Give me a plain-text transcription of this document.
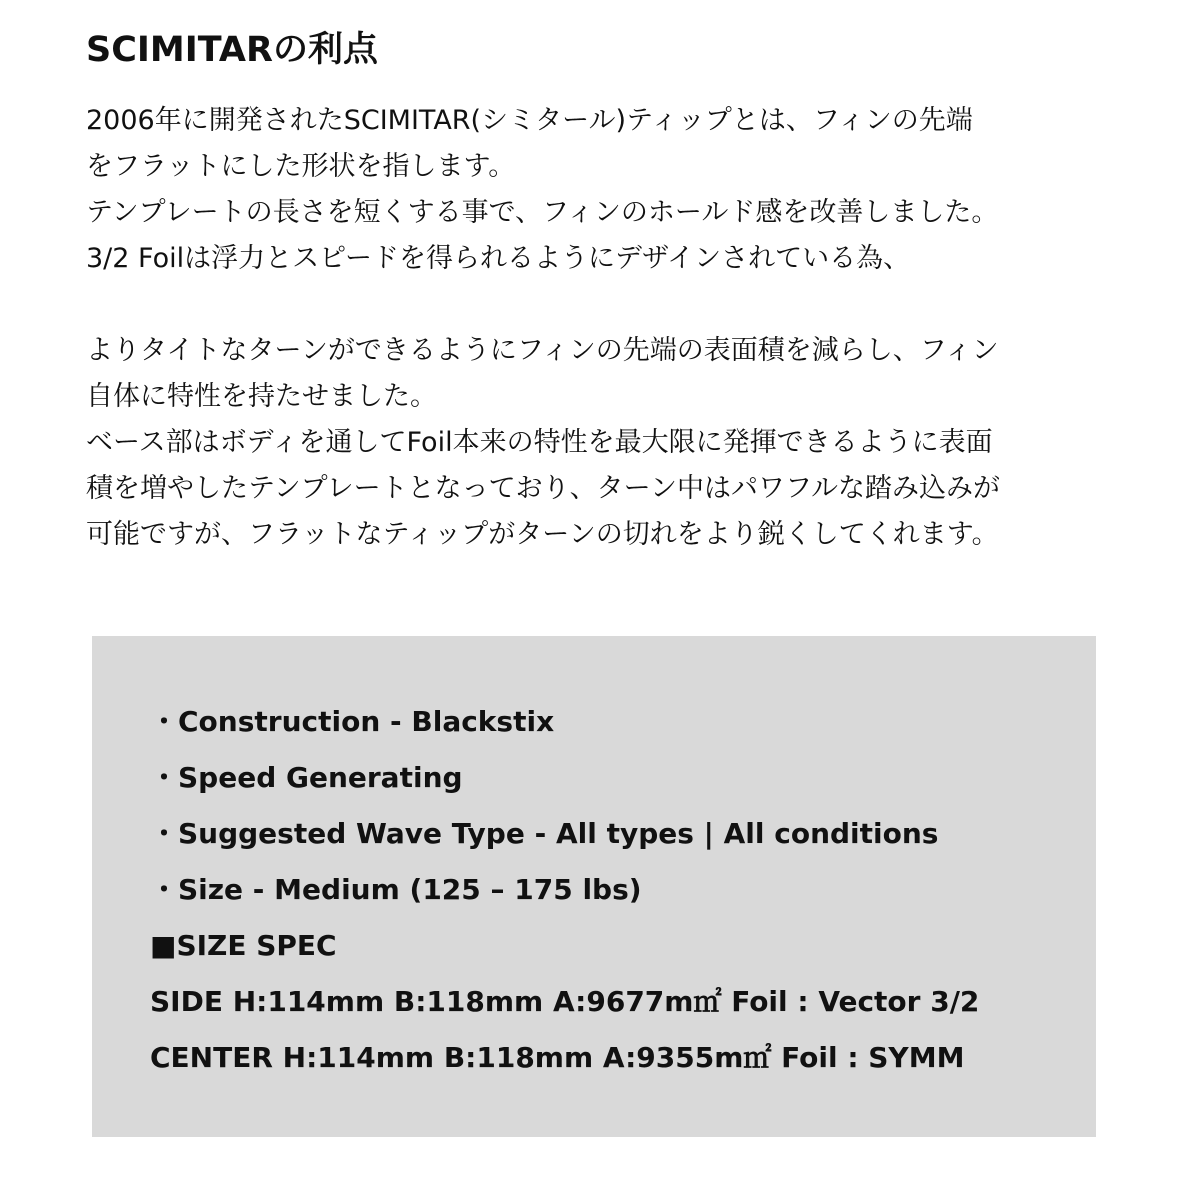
SCIMITARの利点
2006年に開発されたSCIMITAR(シミタール)ティップとは、フィンの先端
をフラットにした形状を指します。
テンプレートの長さを短くする事で、フィンのホールド感を改善しました。
3/2 Foilは浮力とスピードを得られるようにデザインされている為、
よりタイトなターンができるようにフィンの先端の表面積を減らし、フィン
自体に特性を持たせました。
ベース部はボディを通してFoil本来の特性を最大限に発揮できるように表面
積を増やしたテンプレートとなっており、ターン中はパワフルな踏み込みが
可能ですが、フラットなティップがターンの切れをより鋭くしてくれます。
・Construction - Blackstix
・Speed Generating
・Suggested Wave Type - All types | All conditions
・Size - Medium (125 – 175 lbs)
■SIZE SPEC
SIDE H:114mm B:118mm A:9677m㎡ Foil : Vector 3/2
CENTER H:114mm B:118mm A:9355m㎡ Foil : SYMM
